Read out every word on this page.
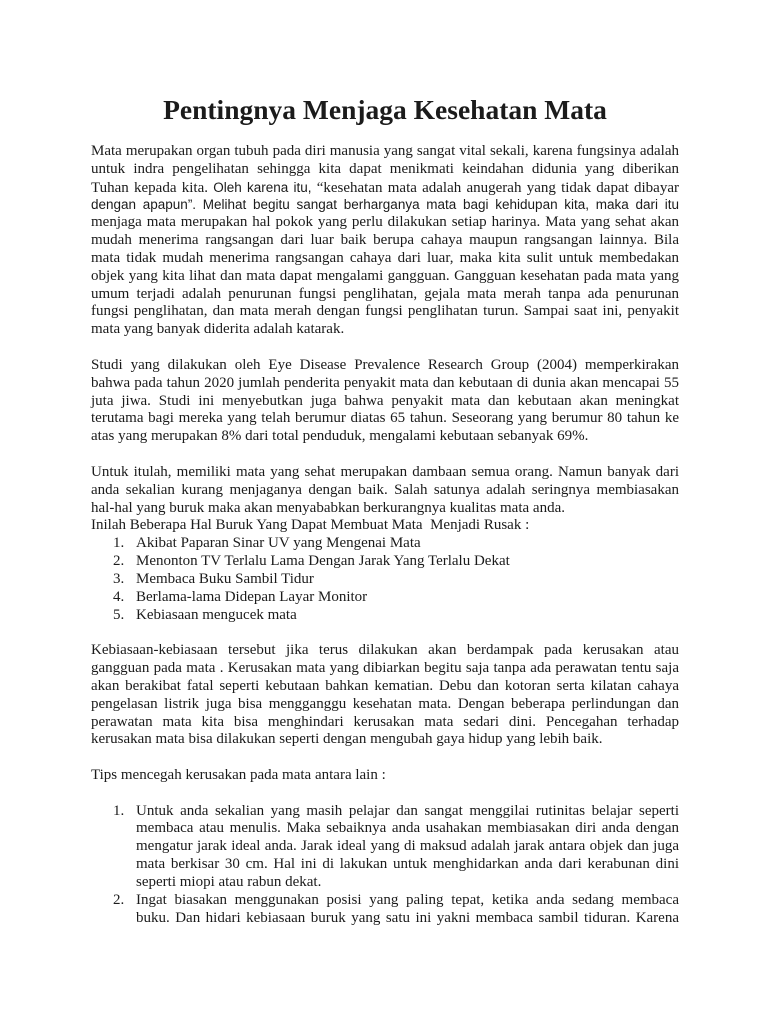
Pentingnya Menjaga Kesehatan Mata
Mata merupakan organ tubuh pada diri manusia yang sangat vital sekali, karena fungsinya adalah
untuk indra pengelihatan sehingga kita dapat menikmati keindahan didunia yang diberikan
Tuhan kepada kita. Oleh karena itu, “kesehatan mata adalah anugerah yang tidak dapat dibayar
dengan apapun”. Melihat begitu sangat berharganya mata bagi kehidupan kita, maka dari itu
menjaga mata merupakan hal pokok yang perlu dilakukan setiap harinya. Mata yang sehat akan
mudah menerima rangsangan dari luar baik berupa cahaya maupun rangsangan lainnya. Bila
mata tidak mudah menerima rangsangan cahaya dari luar, maka kita sulit untuk membedakan
objek yang kita lihat dan mata dapat mengalami gangguan. Gangguan kesehatan pada mata yang
umum terjadi adalah penurunan fungsi penglihatan, gejala mata merah tanpa ada penurunan
fungsi penglihatan, dan mata merah dengan fungsi penglihatan turun. Sampai saat ini, penyakit
mata yang banyak diderita adalah katarak.
Studi yang dilakukan oleh Eye Disease Prevalence Research Group (2004) memperkirakan
bahwa pada tahun 2020 jumlah penderita penyakit mata dan kebutaan di dunia akan mencapai 55
juta jiwa. Studi ini menyebutkan juga bahwa penyakit mata dan kebutaan akan meningkat
terutama bagi mereka yang telah berumur diatas 65 tahun. Seseorang yang berumur 80 tahun ke
atas yang merupakan 8% dari total penduduk, mengalami kebutaan sebanyak 69%.
Untuk itulah, memiliki mata yang sehat merupakan dambaan semua orang. Namun banyak dari
anda sekalian kurang menjaganya dengan baik. Salah satunya adalah seringnya membiasakan
hal-hal yang buruk maka akan menyababkan berkurangnya kualitas mata anda.
Inilah Beberapa Hal Buruk Yang Dapat Membuat Mata  Menjadi Rusak :
1. Akibat Paparan Sinar UV yang Mengenai Mata
2. Menonton TV Terlalu Lama Dengan Jarak Yang Terlalu Dekat
3. Membaca Buku Sambil Tidur
4. Berlama-lama Didepan Layar Monitor
5. Kebiasaan mengucek mata
Kebiasaan-kebiasaan tersebut jika terus dilakukan akan berdampak pada kerusakan atau
gangguan pada mata . Kerusakan mata yang dibiarkan begitu saja tanpa ada perawatan tentu saja
akan berakibat fatal seperti kebutaan bahkan kematian. Debu dan kotoran serta kilatan cahaya
pengelasan listrik juga bisa mengganggu kesehatan mata. Dengan beberapa perlindungan dan
perawatan mata kita bisa menghindari kerusakan mata sedari dini. Pencegahan terhadap
kerusakan mata bisa dilakukan seperti dengan mengubah gaya hidup yang lebih baik.
Tips mencegah kerusakan pada mata antara lain :
1. Untuk anda sekalian yang masih pelajar dan sangat menggilai rutinitas belajar seperti
membaca atau menulis. Maka sebaiknya anda usahakan membiasakan diri anda dengan
mengatur jarak ideal anda. Jarak ideal yang di maksud adalah jarak antara objek dan juga
mata berkisar 30 cm. Hal ini di lakukan untuk menghidarkan anda dari kerabunan dini
seperti miopi atau rabun dekat.
2. Ingat biasakan menggunakan posisi yang paling tepat, ketika anda sedang membaca
buku. Dan hidari kebiasaan buruk yang satu ini yakni membaca sambil tiduran. Karena
